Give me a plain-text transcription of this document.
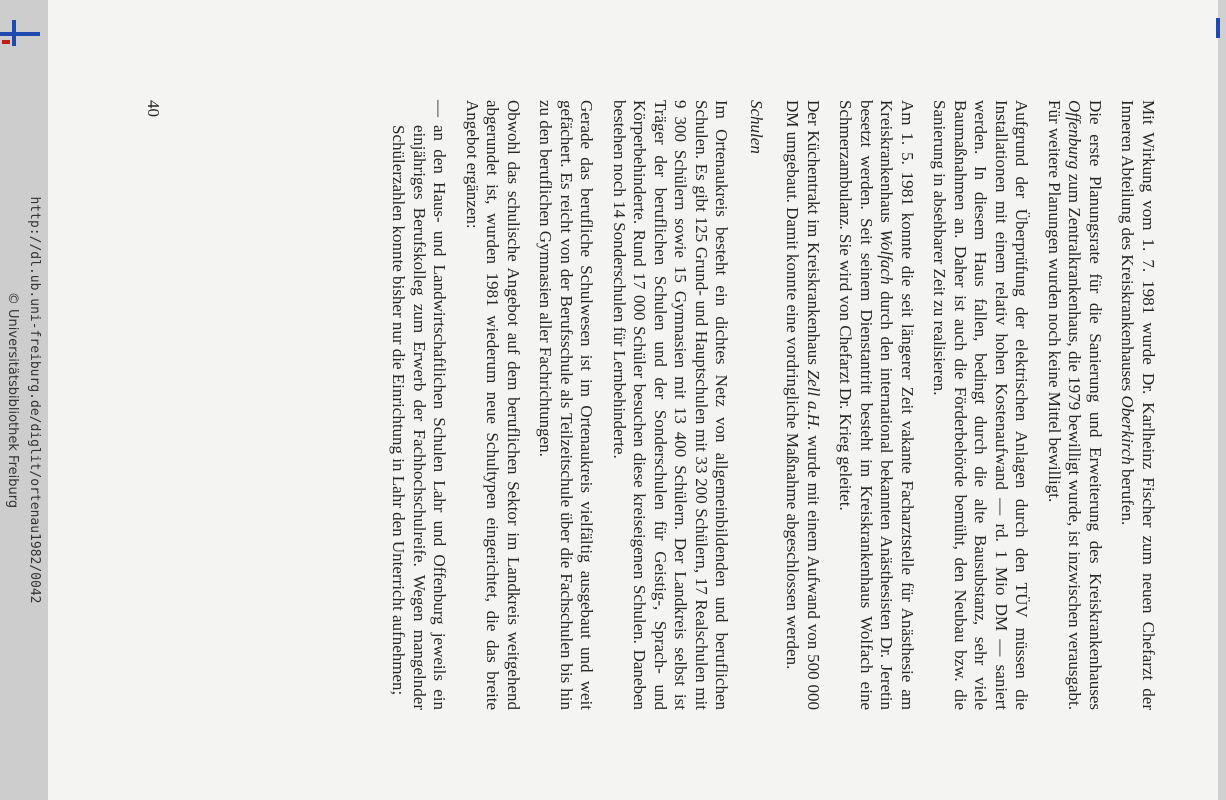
Mit Wirkung vom 1. 7. 1981 wurde Dr. Karlheinz Fischer zum neuen Chefarzt der Inneren Abteilung des Kreiskrankenhauses Oberkirch berufen.

Die erste Planungsrate für die Sanierung und Erweiterung des Kreiskrankenhauses Offenburg zum Zentralkrankenhaus, die 1979 bewilligt wurde, ist inzwischen verausgabt. Für weitere Planungen wurden noch keine Mittel bewilligt.

Aufgrund der Überprüfung der elektrischen Anlagen durch den TÜV müssen die Installationen mit einem relativ hohen Kostenaufwand — rd. 1 Mio DM — saniert werden. In diesem Haus fallen, bedingt durch die alte Bausubstanz, sehr viele Baumaßnahmen an. Daher ist auch die Förderbehörde bemüht, den Neubau bzw. die Sanierung in absehbarer Zeit zu realisieren.

Am 1. 5. 1981 konnte die seit längerer Zeit vakante Facharztstelle für Anästhesie am Kreiskrankenhaus Wolfach durch den international bekannten Anästhesisten Dr. Jeretin besetzt werden. Seit seinem Dienstantritt besteht im Kreiskrankenhaus Wolfach eine Schmerzambulanz. Sie wird von Chefarzt Dr. Krieg geleitet.

Der Küchentrakt im Kreiskrankenhaus Zell a.H. wurde mit einem Aufwand von 500 000 DM umgebaut. Damit konnte eine vordringliche Maßnahme abgeschlossen werden.

Schulen

Im Ortenaukreis besteht ein dichtes Netz von allgemeinbildenden und beruflichen Schulen. Es gibt 125 Grund- und Hauptschulen mit 33 200 Schülern, 17 Realschulen mit 9 300 Schülern sowie 15 Gymnasien mit 13 400 Schülern. Der Landkreis selbst ist Träger der beruflichen Schulen und der Sonderschulen für Geistig-, Sprach- und Körperbehinderte. Rund 17 000 Schüler besuchen diese kreiseigenen Schulen. Daneben bestehen noch 14 Sonderschulen für Lernbehinderte.

Gerade das berufliche Schulwesen ist im Ortenaukreis vielfältig ausgebaut und weit gefächert. Es reicht von der Berufsschule als Teilzeitschule über die Fachschulen bis hin zu den beruflichen Gymnasien aller Fachrichtungen.

Obwohl das schulische Angebot auf dem beruflichen Sektor im Landkreis weitgehend abgerundet ist, wurden 1981 wiederum neue Schultypen eingerichtet, die das breite Angebot ergänzen:

—
an den Haus- und Landwirtschaftlichen Schulen Lahr und Offenburg jeweils ein einjähriges Berufskolleg zum Erwerb der Fachhochschulreife. Wegen mangelnder Schülerzahlen konnte bisher nur die Einrichtung in Lahr den Unterricht aufnehmen;
40
http://dl.ub.uni-freiburg.de/diglit/ortenau1982/0042
© Universitätsbibliothek Freiburg
